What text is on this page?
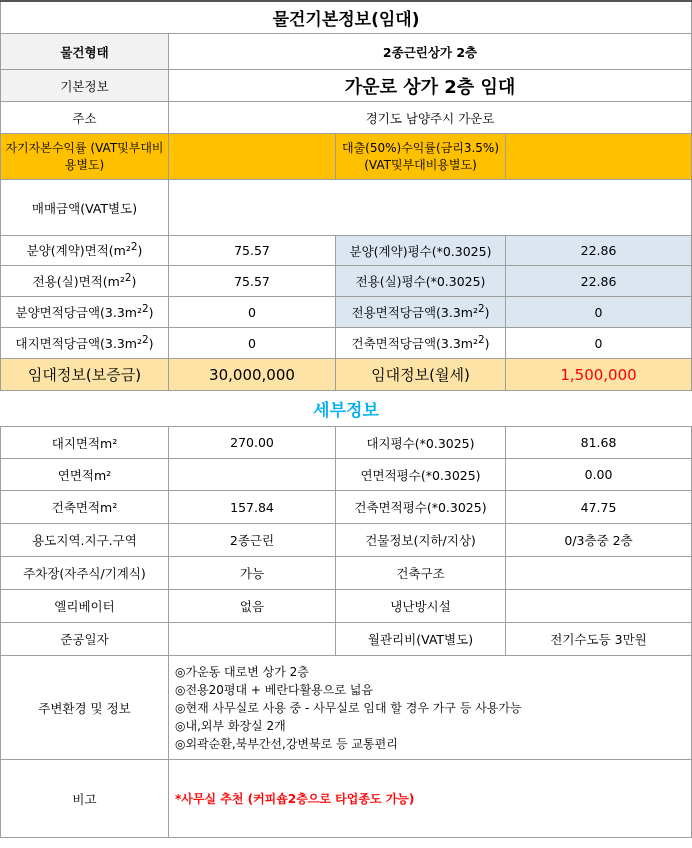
물건기본정보(임대)			
물건형태	2종근린상가 2층		
기본정보	가운로 상가 2층 임대		
주소	경기도 남양주시 가운로		
자기자본수익률 (VAT및부대비용별도)		대출(50%)수익률(금리3.5%) (VAT및부대비용별도)	
매매금액(VAT별도)			
분양(계약)면적(m²$^2$)	75.57	분양(계약)평수(*0.3025)	22.86
전용(실)면적(m²$^2$)	75.57	전용(실)평수(*0.3025)	22.86
분양면적당금액(3.3m²$^2$)	0	전용면적당금액(3.3m²$^2$)	0
대지면적당금액(3.3m²$^2$)	0	건축면적당금액(3.3m²$^2$)	0
임대정보(보증금)	30,000,000	임대정보(월세)	1,500,000
세부정보			
대지면적m²	270.00	대지평수(*0.3025)	81.68
연면적m²		연면적평수(*0.3025)	0.00
건축면적m²	157.84	건축면적평수(*0.3025)	47.75
용도지역.지구.구역	2종근린	건물정보(지하/지상)	0/3층중 2층
주차장(자주식/기계식)	가능	건축구조	
엘리베이터	없음	냉난방시설	
준공일자		월관리비(VAT별도)	전기수도등 3만원
주변환경 및 정보	◎가운동 대로변 상가 2층
◎전용20평대 + 베란다활용으로 넓음
◎현재 사무실로 사용 중 - 사무실로 임대 할 경우 가구 등 사용가능
◎내,외부 화장실 2개
◎외곽순환,북부간선,강변북로 등 교통편리		

비고	*사무실 추천 (커피숍2층으로 타업종도 가능)		
